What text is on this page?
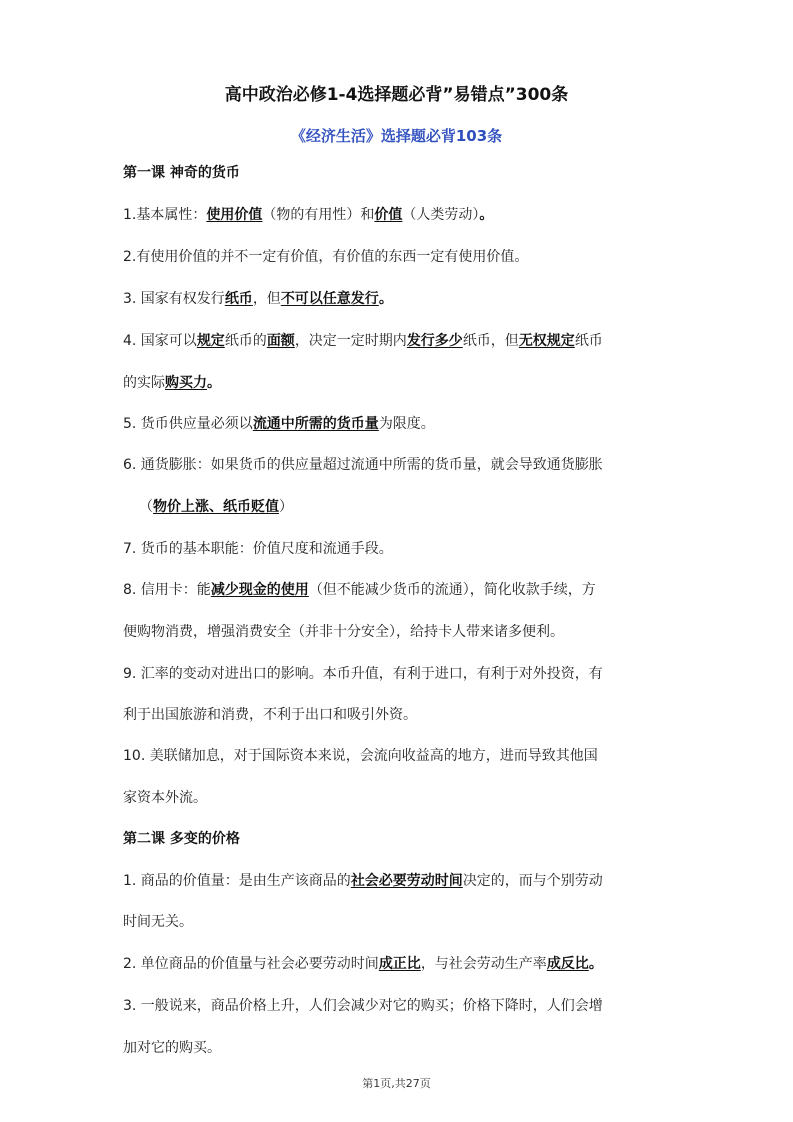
高中政治必修1-4选择题必背”易错点”300条
《经济生活》选择题必背103条
第一课 神奇的货币
1.基本属性：使用价值（物的有用性）和价值（人类劳动）。
2.有使用价值的并不一定有价值，有价值的东西一定有使用价值。
3. 国家有权发行纸币，但不可以任意发行。
4. 国家可以规定纸币的面额，决定一定时期内发行多少纸币，但无权规定纸币
的实际购买力。
5. 货币供应量必须以流通中所需的货币量为限度。
6. 通货膨胀：如果货币的供应量超过流通中所需的货币量，就会导致通货膨胀
（物价上涨、纸币贬值）
7. 货币的基本职能：价值尺度和流通手段。
8. 信用卡：能减少现金的使用（但不能减少货币的流通），简化收款手续，方
便购物消费，增强消费安全（并非十分安全），给持卡人带来诸多便利。
9. 汇率的变动对进出口的影响。本币升值，有利于进口，有利于对外投资，有
利于出国旅游和消费，不利于出口和吸引外资。
10. 美联储加息，对于国际资本来说，会流向收益高的地方，进而导致其他国
家资本外流。
第二课 多变的价格
1. 商品的价值量：是由生产该商品的社会必要劳动时间决定的，而与个别劳动
时间无关。
2. 单位商品的价值量与社会必要劳动时间成正比，与社会劳动生产率成反比。
3. 一般说来，商品价格上升，人们会减少对它的购买；价格下降时，人们会增
加对它的购买。
第1页,共27页
